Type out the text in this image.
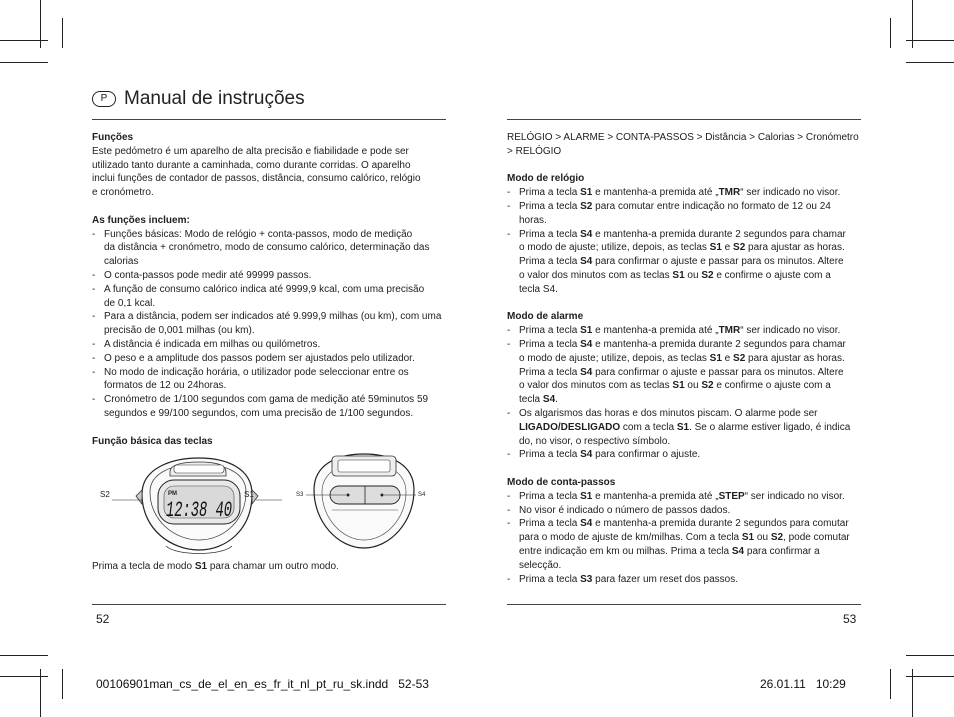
P Manual de instruções

Funções

Este pedómetro é um aparelho de alta precisão e fiabilidade e pode ser

utilizado tanto durante a caminhada, como durante corridas. O aparelho

inclui funções de contador de passos, distância, consumo calórico, relógio

e cronómetro.

As funções incluem:

- Funções básicas: Modo de relógio + conta-passos, modo de medição
da distância + cronómetro, modo de consumo calórico, determinação das
calorias
- O conta-passos pode medir até 99999 passos.
- A função de consumo calórico indica até 9999,9 kcal, com uma precisão
de 0,1 kcal.
- Para a distância, podem ser indicados até 9.999,9 milhas (ou km), com uma
precisão de 0,001 milhas (ou km).
- A distância é indicada em milhas ou quilómetros.
- O peso e a amplitude dos passos podem ser ajustados pelo utilizador.
- No modo de indicação horária, o utilizador pode seleccionar entre os
formatos de 12 ou 24horas.
- Cronómetro de 1/100 segundos com gama de medição até 59minutos 59
segundos e 99/100 segundos, com uma precisão de 1/100 segundos.

Função básica das teclas

PM
12:38 40
S2	S1	S3	S4

Prima a tecla de modo S1 para chamar um outro modo.

RELÓGIO > ALARME > CONTA-PASSOS > Distância > Calorias > Cronómetro

> RELÓGIO

Modo de relógio

- Prima a tecla S1 e mantenha-a premida até „TMR“ ser indicado no visor.
- Prima a tecla S2 para comutar entre indicação no formato de 12 ou 24
horas.
- Prima a tecla S4 e mantenha-a premida durante 2 segundos para chamar
o modo de ajuste; utilize, depois, as teclas S1 e S2 para ajustar as horas.
Prima a tecla S4 para confirmar o ajuste e passar para os minutos. Altere
o valor dos minutos com as teclas S1 ou S2 e confirme o ajuste com a
tecla S4.

Modo de alarme

- Prima a tecla S1 e mantenha-a premida até „TMR“ ser indicado no visor.
- Prima a tecla S4 e mantenha-a premida durante 2 segundos para chamar
o modo de ajuste; utilize, depois, as teclas S1 e S2 para ajustar as horas.
Prima a tecla S4 para confirmar o ajuste e passar para os minutos. Altere
o valor dos minutos com as teclas S1 ou S2 e confirme o ajuste com a
tecla S4.
- Os algarismos das horas e dos minutos piscam. O alarme pode ser
LIGADO/DESLIGADO com a tecla S1. Se o alarme estiver ligado, é indica
do, no visor, o respectivo símbolo.
- Prima a tecla S4 para confirmar o ajuste.

Modo de conta-passos

- Prima a tecla S1 e mantenha-a premida até „STEP“ ser indicado no visor.
- No visor é indicado o número de passos dados.
- Prima a tecla S4 e mantenha-a premida durante 2 segundos para comutar
para o modo de ajuste de km/milhas. Com a tecla S1 ou S2, pode comutar
entre indicação em km ou milhas. Prima a tecla S4 para confirmar a
selecção.
- Prima a tecla S3 para fazer um reset dos passos.
52	53
00106901man_cs_de_el_en_es_fr_it_nl_pt_ru_sk.indd   52-53	26.01.11   10:29
